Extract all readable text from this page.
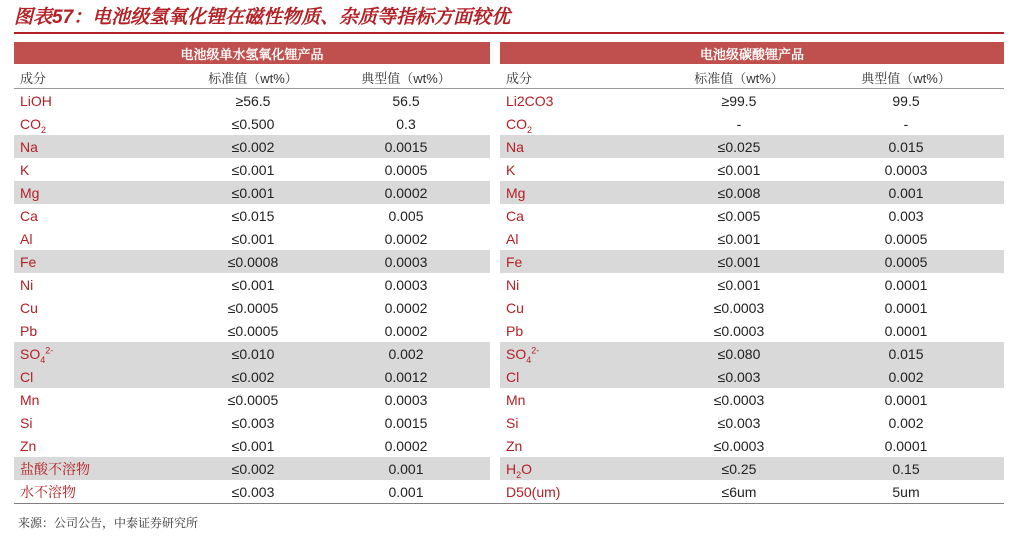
图表57：电池级氢氧化锂在磁性物质、杂质等指标方面较优
电池级单水氢氧化锂产品				电池级碳酸锂产品		
成分	标准值（wt%）	典型值（wt%）		成分	标准值（wt%）	典型值（wt%）
LiOH	≥56.5	56.5		Li2CO3	≥99.5	99.5
$CO_2$	≤0.500	0.3		$CO_2$	-	-
Na	≤0.002	0.0015		Na	≤0.025	0.015
K	≤0.001	0.0005		K	≤0.001	0.0003
Mg	≤0.001	0.0002		Mg	≤0.008	0.001
Ca	≤0.015	0.005		Ca	≤0.005	0.003
Al	≤0.001	0.0002		Al	≤0.001	0.0005
Fe	≤0.0008	0.0003		Fe	≤0.001	0.0005
Ni	≤0.001	0.0003		Ni	≤0.001	0.0001
Cu	≤0.0005	0.0002		Cu	≤0.0003	0.0001
Pb	≤0.0005	0.0002		Pb	≤0.0003	0.0001
$SO_4^{2-}$	≤0.010	0.002		$SO_4^{2-}$	≤0.080	0.015
Cl	≤0.002	0.0012		Cl	≤0.003	0.002
Mn	≤0.0005	0.0003		Mn	≤0.0003	0.0001
Si	≤0.003	0.0015		Si	≤0.003	0.002
Zn	≤0.001	0.0002		Zn	≤0.0003	0.0001
盐酸不溶物	≤0.002	0.001		$H_2O$	≤0.25	0.15
水不溶物	≤0.003	0.001		D50(um)	≤6um	5um
来源：公司公告，中泰证券研究所
